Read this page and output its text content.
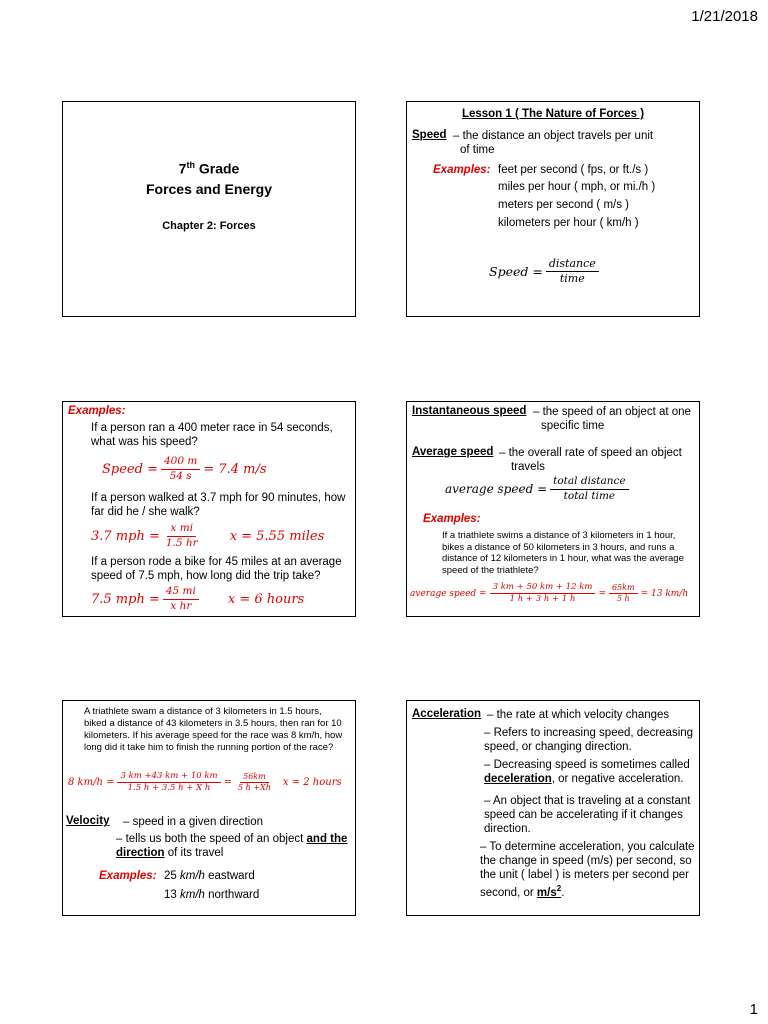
1/21/2018
7th Grade
Forces and Energy
Chapter 2: Forces
Lesson 1 ( The Nature of Forces )
Speed – the distance an object travels per unit
of time
Examples: feet per second ( fps, or ft./s )
miles per hour ( mph, or mi./h )
meters per second ( m/s )
kilometers per hour ( km/h )
Speed = $\frac{\text{distance}}{\text{time}}$
Examples:
If a person ran a 400 meter race in 54 seconds, what was his speed?
Speed = $\frac{400 m}{54 s} = 7.4$ m/s
If a person walked at 3.7 mph for 90 minutes, how far did he / she walk?
3.7 mph = $\frac{\text{x mi}}{1.5 hr}$ x = 5.55 miles
If a person rode a bike for 45 miles at an average speed of 7.5 mph, how long did the trip take?
7.5 mph = $\frac{45 mi}{\text{x hr}}$ x = 6 hours
Instantaneous speed – the speed of an object at one
specific time
Average speed – the overall rate of speed an object
travels
average speed = $\frac{\text{total distance}}{\text{total time}}$
Examples:
If a triathlete swims a distance of 3 kilometers in 1 hour, bikes a distance of 50 kilometers in 3 hours, and runs a distance of 12 kilometers in 1 hour, what was the average speed of the triathlete?
average speed = $\frac{3 km + 50 km + 12 km}{1 h + 3 h + 1 h} = \frac{65km}{5 h} = 13$ km/h
A triathlete swam a distance of 3 kilometers in 1.5 hours, biked a distance of 43 kilometers in 3.5 hours, then ran for 10 kilometers. If his average speed for the race was 8 km/h, how long did it take him to finish the running portion of the race?
8 $km/h = \frac{3 km +43 km + 10 km}{\text{1.5 h + 3.5 h + X h}} = \frac{56km}{5 h +Xh}$ x = 2 hours
Velocity – speed in a given direction
– tells us both the speed of an object and the direction of its travel
Examples: 25 km/h eastward
13 km/h northward
Acceleration – the rate at which velocity changes
– Refers to increasing speed, decreasing speed, or changing direction.
– Decreasing speed is sometimes called deceleration, or negative acceleration.
– An object that is traveling at a constant speed can be accelerating if it changes direction.
– To determine acceleration, you calculate the change in speed (m/s) per second, so the unit ( label ) is meters per second per second, or $m/s^2$.
1
